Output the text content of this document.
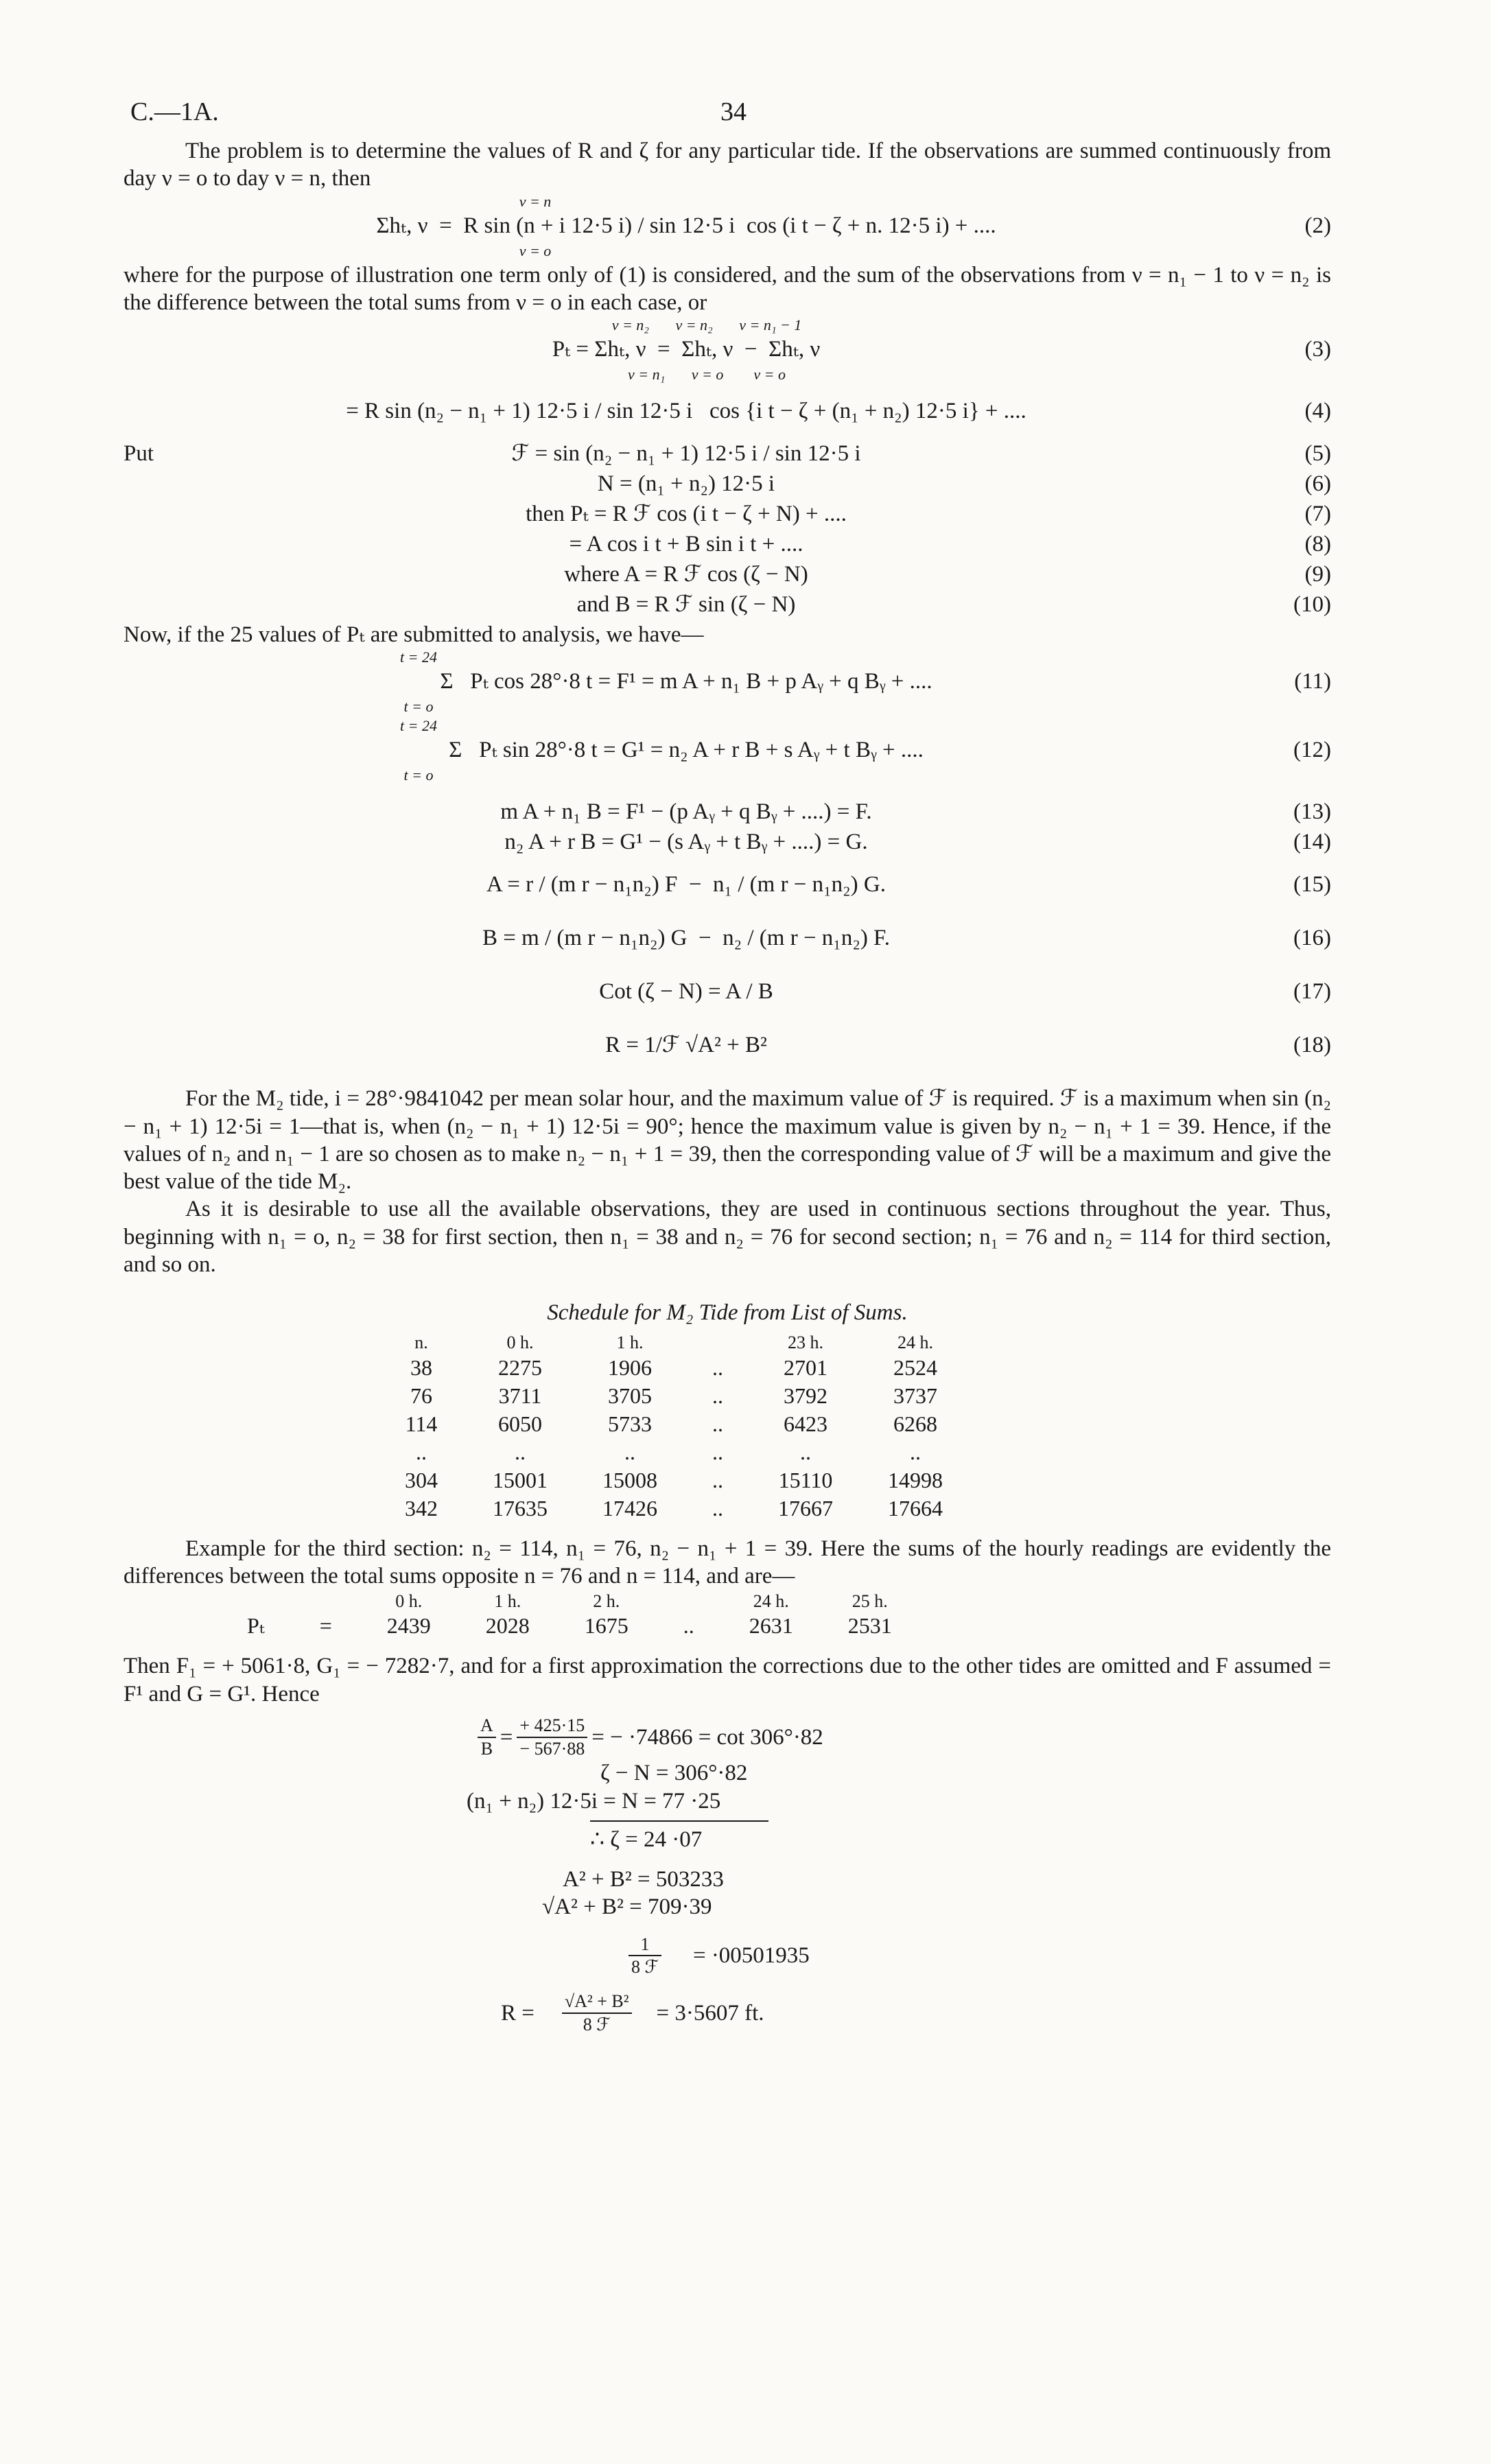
C.—1A.	34

The problem is to determine the values of R and ζ for any particular tide. If the observations are summed continuously from day ν = o to day ν = n, then

ν = n
Σhₜ, ν  =  R sin (n + i 12·5 i) / sin 12·5 i  cos (i t − ζ + n. 12·5 i) + ....	(2)
ν = o

where for the purpose of illustration one term only of (1) is considered, and the sum of the observations from ν = n₁ − 1 to ν = n₂ is the difference between the total sums from ν = o in each case, or

ν = n₂       ν = n₂       ν = n₁ − 1
Pₜ = Σhₜ, ν  =  Σhₜ, ν  −  Σhₜ, ν	(3)
ν = n₁       ν = o        ν = o
= R sin (n₂ − n₁ + 1) 12·5 i / sin 12·5 i   cos {i t − ζ + (n₁ + n₂) 12·5 i} + ....	(4)
Put	ℱ = sin (n₂ − n₁ + 1) 12·5 i / sin 12·5 i	(5)
N = (n₁ + n₂) 12·5 i	(6)
then Pₜ = R ℱ cos (i t − ζ + N) + ....	(7)
= A cos i t + B sin i t + ....	(8)
where A = R ℱ cos (ζ − N)	(9)
and B = R ℱ sin (ζ − N)	(10)

Now, if the 25 values of Pₜ are submitted to analysis, we have—

t = 24
Σ   Pₜ cos 28°·8 t = F¹ = m A + n₁ B + p Aᵧ + q Bᵧ + ....	(11)
t = o
t = 24
Σ   Pₜ sin 28°·8 t = G¹ = n₂ A + r B + s Aᵧ + t Bᵧ + ....	(12)
t = o
m A + n₁ B = F¹ − (p Aᵧ + q Bᵧ + ....) = F.	(13)
n₂ A + r B = G¹ − (s Aᵧ + t Bᵧ + ....) = G.	(14)
A = r / (m r − n₁n₂) F  −  n₁ / (m r − n₁n₂) G.	(15)
B = m / (m r − n₁n₂) G  −  n₂ / (m r − n₁n₂) F.	(16)
Cot (ζ − N) = A / B	(17)
R = 1/ℱ √A² + B²	(18)

For the M₂ tide, i = 28°·9841042 per mean solar hour, and the maximum value of ℱ is required. ℱ is a maximum when sin (n₂ − n₁ + 1) 12·5i = 1—that is, when (n₂ − n₁ + 1) 12·5i = 90°; hence the maximum value is given by n₂ − n₁ + 1 = 39. Hence, if the values of n₂ and n₁ − 1 are so chosen as to make n₂ − n₁ + 1 = 39, then the corresponding value of ℱ will be a maximum and give the best value of the tide M₂.

As it is desirable to use all the available observations, they are used in continuous sections throughout the year. Thus, beginning with n₁ = o, n₂ = 38 for first section, then n₁ = 38 and n₂ = 76 for second section; n₁ = 76 and n₂ = 114 for third section, and so on.

Schedule for M₂ Tide from List of Sums.
n.	0 h.	1 h.		23 h.	24 h.
38	2275	1906	..	2701	2524
76	3711	3705	..	3792	3737
114	6050	5733	..	6423	6268
..	..	..	..	..	..
304	15001	15008	..	15110	14998
342	17635	17426	..	17667	17664

Example for the third section: n₂ = 114, n₁ = 76, n₂ − n₁ + 1 = 39. Here the sums of the hourly readings are evidently the differences between the total sums opposite n = 76 and n = 114, and are—

		0 h.	1 h.	2 h.		24 h.	25 h.
Pₜ	=	2439	2028	1675	..	2631	2531

Then F₁ = + 5061·8, G₁ = − 7282·7, and for a first approximation the corrections due to the other tides are omitted and F assumed = F¹ and G = G¹. Hence

$\frac{A}{B} = \frac{+ 425\cdot 15}{- 567\cdot 88}$ = − ·74866 = cot 306°·82
ζ − N = 306°·82
(n₁ + n₂) 12·5i = N = 77 ·25
∴ ζ = 24 ·07
A² + B² = 503233
√A² + B² = 709·39
$\frac{1}{\text{8 ℱ}} = \cdot 00501935$
$R = \frac{\text{√A² + B²}}{\text{8 ℱ}} = 3\cdot 5607$ ft.
